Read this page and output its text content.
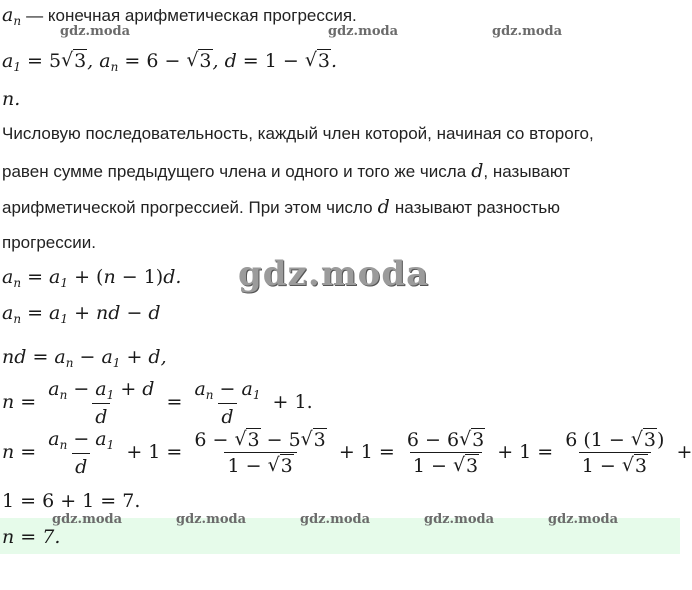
gdz.moda	gdz.moda	gdz.moda
gdz.moda
$a_n$ — конечная арифметическая прогрессия.
$a_1 = 5√$ 3, $a_n = 6$ − √ 3, d = 1 − √ 3.
n.
Числовую последовательность, каждый член которой, начиная со второго,
равен сумме предыдущего члена и одного и того же числа d, называют
арифметической прогрессией. При этом число d называют разностью
прогрессии.
$a_n = a_1 + (n - 1)d$.
$a_n = a_1$ + nd − d
nd = $a_n - a_1 + d$,
$n = \frac{a_n - a_1 + d}{d} = \frac{a_n - a_1}{d} + 1$.
$n = \frac{a_n - a_1}{d} + 1 = \frac{6 - √ 3 - 5√ 3}{1 - √ 3} + 1 = \frac{6 - 6√ 3}{1 - √ 3} + 1 = \frac{6 (1 - √ 3)}{1 - √ 3}$ +
1 = 6 + 1 = 7.
gdz.moda	gdz.moda	gdz.moda	gdz.moda	gdz.moda
n = 7.
